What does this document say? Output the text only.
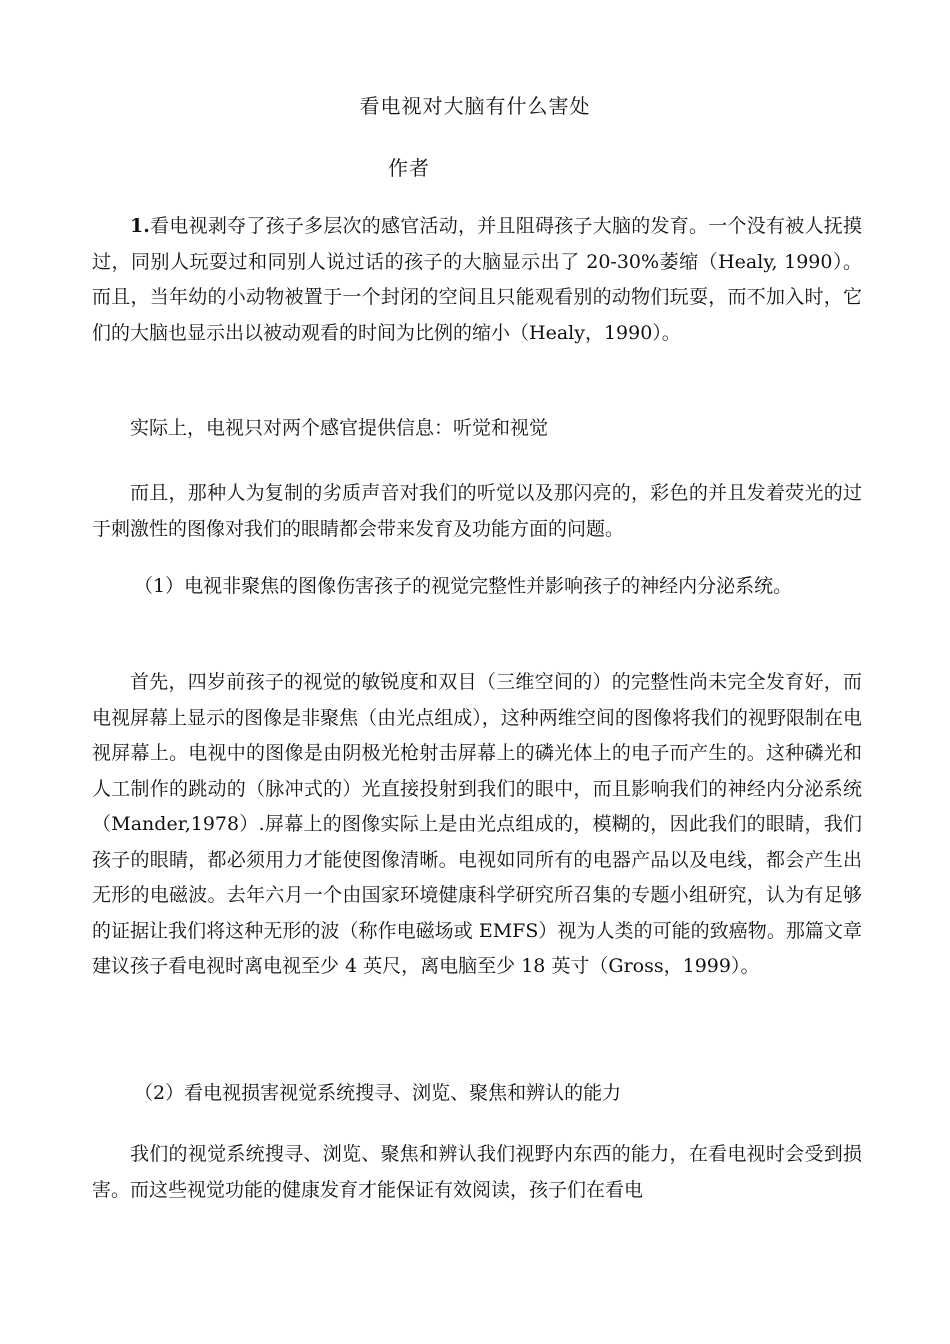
看电视对大脑有什么害处
作者

1.看电视剥夺了孩子多层次的感官活动，并且阻碍孩子大脑的发育。一个没有被人抚摸过，同别人玩耍过和同别人说过话的孩子的大脑显示出了 20-30%萎缩（Healy, 1990）。而且，当年幼的小动物被置于一个封闭的空间且只能观看别的动物们玩耍，而不加入时，它们的大脑也显示出以被动观看的时间为比例的缩小（Healy，1990）。

实际上，电视只对两个感官提供信息：听觉和视觉

而且，那种人为复制的劣质声音对我们的听觉以及那闪亮的，彩色的并且发着荧光的过于刺激性的图像对我们的眼睛都会带来发育及功能方面的问题。

（1）电视非聚焦的图像伤害孩子的视觉完整性并影响孩子的神经内分泌系统。

首先，四岁前孩子的视觉的敏锐度和双目（三维空间的）的完整性尚未完全发育好，而电视屏幕上显示的图像是非聚焦（由光点组成），这种两维空间的图像将我们的视野限制在电视屏幕上。电视中的图像是由阴极光枪射击屏幕上的磷光体上的电子而产生的。这种磷光和人工制作的跳动的（脉冲式的）光直接投射到我们的眼中，而且影响我们的神经内分泌系统（Mander,1978）.屏幕上的图像实际上是由光点组成的，模糊的，因此我们的眼睛，我们孩子的眼睛，都必须用力才能使图像清晰。电视如同所有的电器产品以及电线，都会产生出无形的电磁波。去年六月一个由国家环境健康科学研究所召集的专题小组研究，认为有足够的证据让我们将这种无形的波（称作电磁场或 EMFS）视为人类的可能的致癌物。那篇文章建议孩子看电视时离电视至少 4 英尺，离电脑至少 18 英寸（Gross，1999）。

（2）看电视损害视觉系统搜寻、浏览、聚焦和辨认的能力

我们的视觉系统搜寻、浏览、聚焦和辨认我们视野内东西的能力，在看电视时会受到损害。而这些视觉功能的健康发育才能保证有效阅读，孩子们在看电
